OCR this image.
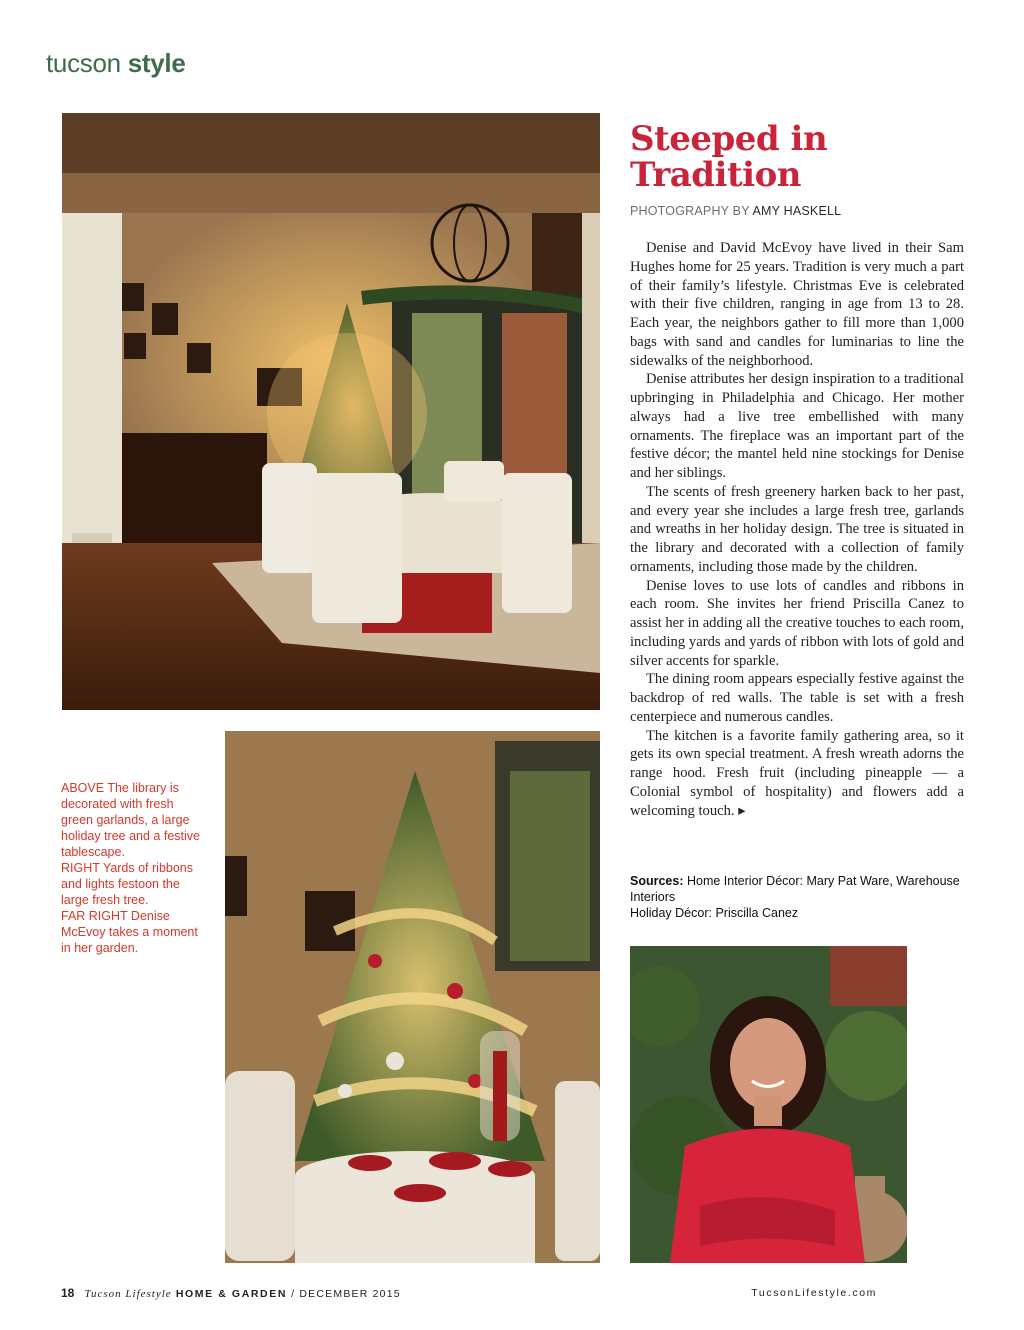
tucson style
Steeped in Tradition
PHOTOGRAPHY BY AMY HASKELL

Denise and David McEvoy have lived in their Sam Hughes home for 25 years. Tradition is very much a part of their family’s lifestyle. Christmas Eve is celebrated with their five children, ranging in age from 13 to 28. Each year, the neighbors gather to fill more than 1,000 bags with sand and candles for luminarias to line the sidewalks of the neighborhood.

Denise attributes her design inspiration to a traditional upbringing in Philadelphia and Chicago. Her mother always had a live tree embellished with many ornaments. The fireplace was an important part of the festive décor; the mantel held nine stockings for Denise and her siblings.

The scents of fresh greenery harken back to her past, and every year she includes a large fresh tree, garlands and wreaths in her holiday design. The tree is situated in the library and decorated with a collection of family ornaments, including those made by the children.

Denise loves to use lots of candles and ribbons in each room. She invites her friend Priscilla Canez to assist her in adding all the creative touches to each room, including yards and yards of ribbon with lots of gold and silver accents for sparkle.

The dining room appears especially festive against the backdrop of red walls. The table is set with a fresh centerpiece and numerous candles.

The kitchen is a favorite family gathering area, so it gets its own special treatment. A fresh wreath adorns the range hood. Fresh fruit (including pineapple — a Colonial symbol of hospitality) and flowers add a welcoming touch. ▸

Sources: Home Interior Décor: Mary Pat Ware, Warehouse Interiors
Holiday Décor: Priscilla Canez
ABOVE The library is decorated with fresh green garlands, a large holiday tree and a festive tablescape.
RIGHT Yards of ribbons and lights festoon the large fresh tree.
FAR RIGHT Denise McEvoy takes a moment in her garden.
18 Tucson Lifestyle HOME & GARDEN / DECEMBER 2015	TucsonLifestyle.com
